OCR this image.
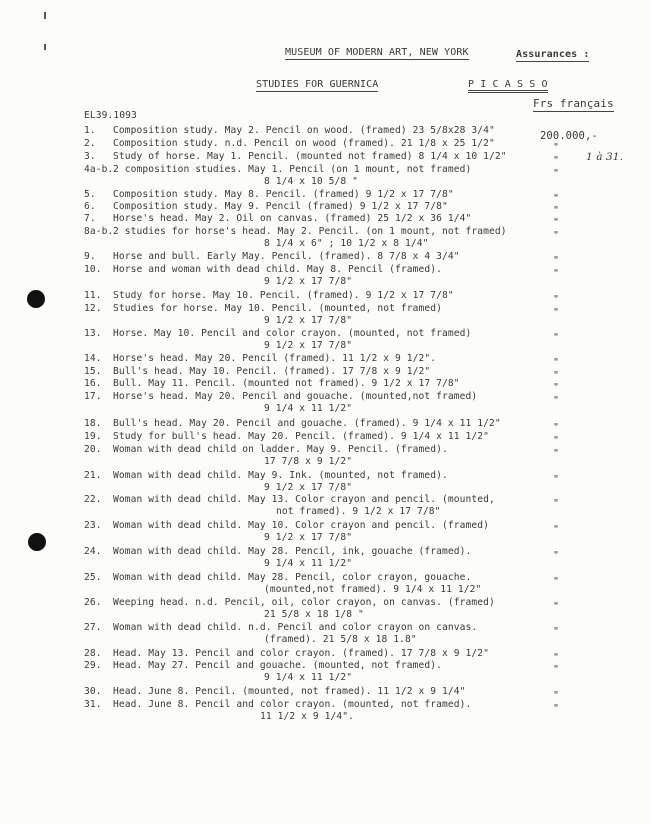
MUSEUM OF MODERN ART, NEW YORK	Assurances :
STUDIES FOR GUERNICA	P I C A S S O
Frs français
EL39.1093
200.000,-
1 à 31.
1. Composition study. May 2. Pencil on wood. (framed) 23 5/8x28 3/4"
2. Composition study. n.d. Pencil on wood (framed). 21 1/8 x 25 1/2"	"
3. Study of horse. May 1. Pencil. (mounted not framed) 8 1/4 x 10 1/2"	"
4a-b. 2 composition studies. May 1. Pencil (on 1 mount, not framed)
8 1/4 x 10 5/8 "
"
5. Composition study. May 8. Pencil. (framed) 9 1/2 x 17 7/8"	"
6. Composition study. May 9. Pencil (framed) 9 1/2 x 17 7/8"	"
7. Horse's head. May 2. Oil on canvas. (framed) 25 1/2 x 36 1/4"	"
8a-b. 2 studies for horse's head. May 2. Pencil. (on 1 mount, not framed)
8 1/4 x 6" ; 10 1/2 x 8 1/4"
"
9. Horse and bull. Early May. Pencil. (framed). 8 7/8 x 4 3/4"	"
10. Horse and woman with dead child. May 8. Pencil (framed).
9 1/2 x 17 7/8"
"
11. Study for horse. May 10. Pencil. (framed). 9 1/2 x 17 7/8"	"
12. Studies for horse. May 10. Pencil. (mounted, not framed)
9 1/2 x 17 7/8"
"
13. Horse. May 10. Pencil and color crayon. (mounted, not framed)
9 1/2 x 17 7/8"
"
14. Horse's head. May 20. Pencil (framed). 11 1/2 x 9 1/2".	"
15. Bull's head. May 10. Pencil. (framed). 17 7/8 x 9 1/2"	"
16. Bull. May 11. Pencil. (mounted not framed). 9 1/2 x 17 7/8"	"
17. Horse's head. May 20. Pencil and gouache. (mounted,not framed)
9 1/4 x 11 1/2"
"
18. Bull's head. May 20. Pencil and gouache. (framed). 9 1/4 x 11 1/2"	"
19. Study for bull's head. May 20. Pencil. (framed). 9 1/4 x 11 1/2"	"
20. Woman with dead child on ladder. May 9. Pencil. (framed).
17 7/8 x 9 1/2"
"
21. Woman with dead child. May 9. Ink. (mounted, not framed).
9 1/2 x 17 7/8"
"
22. Woman with dead child. May 13. Color crayon and pencil. (mounted,
not framed). 9 1/2 x 17 7/8"
"
23. Woman with dead child. May 10. Color crayon and pencil. (framed)
9 1/2 x 17 7/8"
"
24. Woman with dead child. May 28. Pencil, ink, gouache (framed).
9 1/4 x 11 1/2"
"
25. Woman with dead child. May 28. Pencil, color crayon, gouache.
(mounted,not framed). 9 1/4 x 11 1/2"
"
26. Weeping head. n.d. Pencil, oil, color crayon, on canvas. (framed)
21 5/8 x 18 1/8 "
"
27. Woman with dead child. n.d. Pencil and color crayon on canvas.
(framed). 21 5/8 x 18 1.8"
"
28. Head. May 13. Pencil and color crayon. (framed). 17 7/8 x 9 1/2"	"
29. Head. May 27. Pencil and gouache. (mounted, not framed).
9 1/4 x 11 1/2"
"
30. Head. June 8. Pencil. (mounted, not framed). 11 1/2 x 9 1/4"	"
31. Head. June 8. Pencil and color crayon. (mounted, not framed).
11 1/2 x 9 1/4".
"
